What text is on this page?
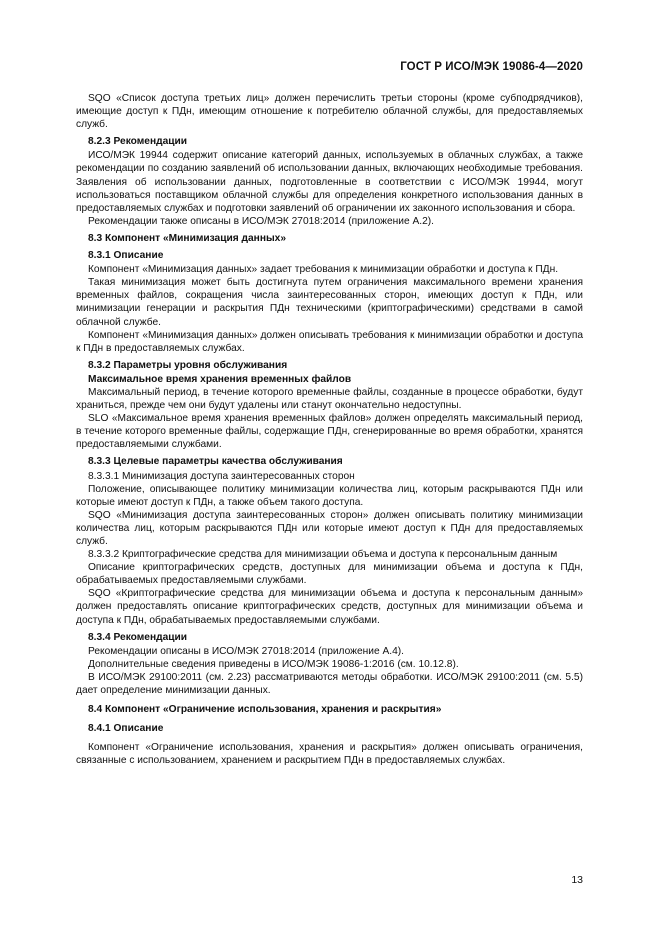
ГОСТ Р ИСО/МЭК 19086-4—2020

SQO «Список доступа третьих лиц» должен перечислить третьи стороны (кроме субподрядчиков), имеющие доступ к ПДн, имеющим отношение к потребителю облачной службы, для предоставляемых служб.

8.2.3 Рекомендации

ИСО/МЭК 19944 содержит описание категорий данных, используемых в облачных службах, а также рекомендации по созданию заявлений об использовании данных, включающих необходимые требования. Заявления об использовании данных, подготовленные в соответствии с ИСО/МЭК 19944, могут использоваться поставщиком облачной службы для определения конкретного использования данных в предоставляемых службах и подготовки заявлений об ограничении их законного использования и сбора.

Рекомендации также описаны в ИСО/МЭК 27018:2014 (приложение А.2).

8.3 Компонент «Минимизация данных»
8.3.1 Описание

Компонент «Минимизация данных» задает требования к минимизации обработки и доступа к ПДн.

Такая минимизация может быть достигнута путем ограничения максимального времени хранения временных файлов, сокращения числа заинтересованных сторон, имеющих доступ к ПДн, или минимизации генерации и раскрытия ПДн техническими (криптографическими) средствами в самой облачной службе.

Компонент «Минимизация данных» должен описывать требования к минимизации обработки и доступа к ПДн в предоставляемых службах.

8.3.2 Параметры уровня обслуживания
Максимальное время хранения временных файлов

Максимальный период, в течение которого временные файлы, созданные в процессе обработки, будут храниться, прежде чем они будут удалены или станут окончательно недоступны.

SLO «Максимальное время хранения временных файлов» должен определять максимальный период, в течение которого временные файлы, содержащие ПДн, сгенерированные во время обработки, хранятся предоставляемыми службами.

8.3.3 Целевые параметры качества обслуживания
8.3.3.1 Минимизация доступа заинтересованных сторон

Положение, описывающее политику минимизации количества лиц, которым раскрываются ПДн или которые имеют доступ к ПДн, а также объем такого доступа.

SQO «Минимизация доступа заинтересованных сторон» должен описывать политику минимизации количества лиц, которым раскрываются ПДн или которые имеют доступ к ПДн для предоставляемых служб.

8.3.3.2 Криптографические средства для минимизации объема и доступа к персональным данным

Описание криптографических средств, доступных для минимизации объема и доступа к ПДн, обрабатываемых предоставляемыми службами.

SQO «Криптографические средства для минимизации объема и доступа к персональным данным» должен предоставлять описание криптографических средств, доступных для минимизации объема и доступа к ПДн, обрабатываемых предоставляемыми службами.

8.3.4 Рекомендации

Рекомендации описаны в ИСО/МЭК 27018:2014 (приложение А.4).

Дополнительные сведения приведены в ИСО/МЭК 19086-1:2016 (см. 10.12.8).

В ИСО/МЭК 29100:2011 (см. 2.23) рассматриваются методы обработки. ИСО/МЭК 29100:2011 (см. 5.5) дает определение минимизации данных.

8.4 Компонент «Ограничение использования, хранения и раскрытия»
8.4.1 Описание

Компонент «Ограничение использования, хранения и раскрытия» должен описывать ограничения, связанные с использованием, хранением и раскрытием ПДн в предоставляемых службах.

13
